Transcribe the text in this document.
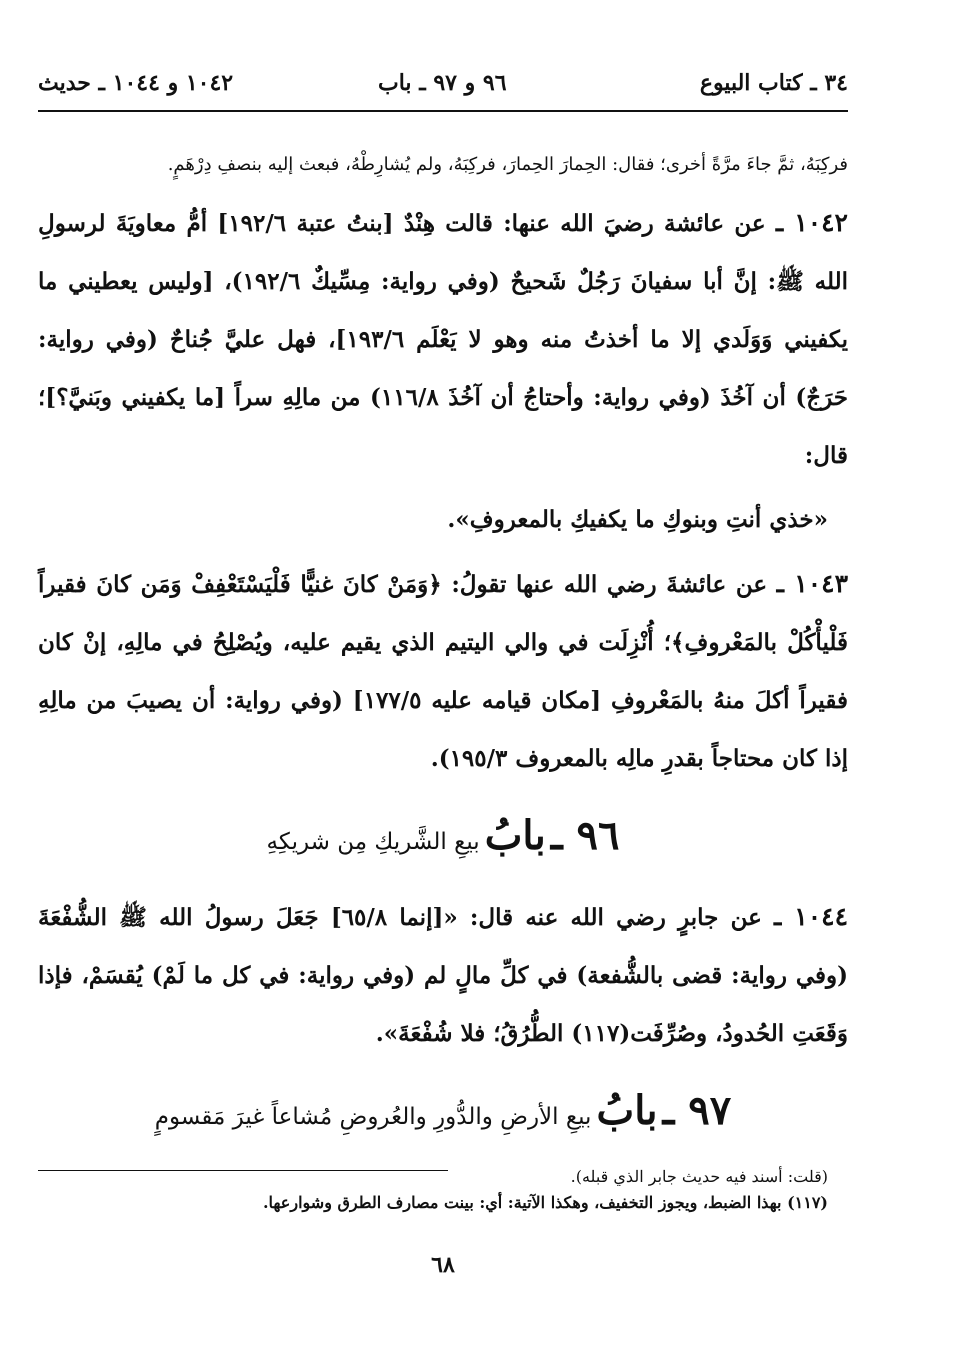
٣٤ ـ كتاب البيوع
٩٦ و ٩٧ ـ باب
١٠٤٢ و ١٠٤٤ ـ حديث

فركِبَهُ، ثمَّ جاءَ مرَّةً أخرى؛ فقال: الحِمارَ الحِمارَ، فركِبَهُ، ولم يُشارِطْهُ، فبعث إليه بنصفِ دِرْهَمٍ.

١٠٤٢ ـ عن عائشة رضيَ الله عنها: قالت هِنْدٌ [بنتُ عتبة ١٩٢/٦] أمُّ معاويَةَ لرسولِ الله ﷺ: إنَّ أبا سفيانَ رَجُلٌ شَحيحٌ (وفي رواية: مِسِّيكٌ ١٩٢/٦)، [وليس يعطيني ما يكفيني وَوَلَدي إلا ما أخذتُ منه وهو لا يَعْلَم ١٩٣/٦]، فهل عليَّ جُناحٌ (وفي رواية: حَرَجٌ) أن آخُذَ (وفي رواية: وأحتاجُ أن آخُذَ ١١٦/٨) من مالِهِ سراً [ما يكفيني وبَنيَّ؟]؛ قال:

«خذي أنتِ وبنوكِ ما يكفيكِ بالمعروفِ».

١٠٤٣ ـ عن عائشةَ رضي الله عنها تقولُ: ﴿وَمَنْ كانَ غنيًّا فَلْيَسْتَعْفِفْ وَمَن كانَ فقيراً فَلْيأْكُلْ بالمَعْروفِ﴾؛ أُنْزِلَت في والي اليتيم الذي يقيم عليه، ويُصْلِحُ في مالِهِ، إنْ كان فقيراً أكلَ منهُ بالمَعْروفِ [مكان قيامه عليه ١٧٧/٥] (وفي رواية: أن يصيبَ من مالِهِ إذا كان محتاجاً بقدرِ مالِه بالمعروف ١٩٥/٣).

٩٦ ـ بابُ بيعِ الشَّريكِ مِن شريكِهِ

١٠٤٤ ـ عن جابرٍ رضي الله عنه قال: «[إنما ٦٥/٨] جَعَلَ رسولُ الله ﷺ الشُّفْعَةَ (وفي رواية: قضى بالشُّفعة) في كلِّ مالٍ لم (وفي رواية: في كل ما لَمْ) يُقسَمْ، فإذا وَقَعَتِ الحُدودُ، وصُرِّفَت(١١٧) الطُّرُقُ؛ فلا شُفْعَةَ».

٩٧ ـ بابُ بيعِ الأرضِ والدُّورِ والعُروضِ مُشاعاً غيرَ مَقسومٍ

(قلت: أسند فيه حديث جابر الذي قبله).

(١١٧) بهذا الضبط، ويجوز التخفيف، وهكذا الآتية: أي: بينت مصارف الطرق وشوارعها.
٦٨
